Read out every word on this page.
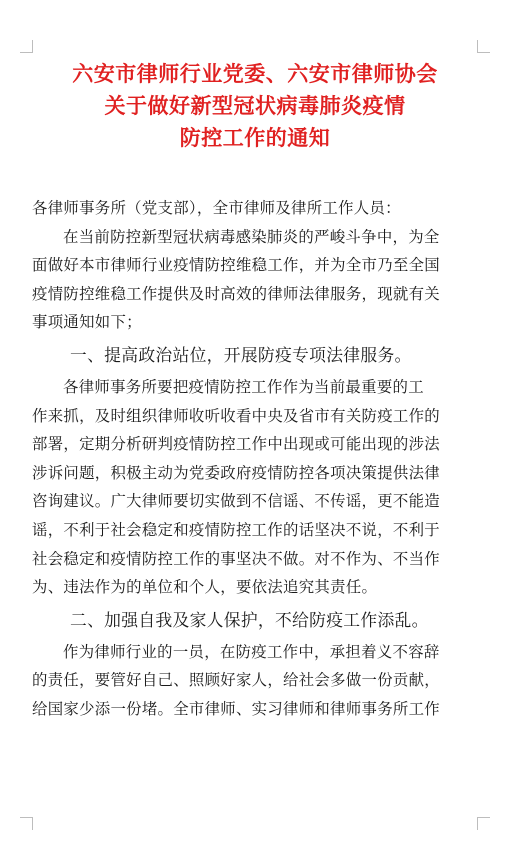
六安市律师行业党委、六安市律师协会
关于做好新型冠状病毒肺炎疫情
防控工作的通知
各律师事务所（党支部），全市律师及律所工作人员：
在当前防控新型冠状病毒感染肺炎的严峻斗争中，为全
面做好本市律师行业疫情防控维稳工作，并为全市乃至全国
疫情防控维稳工作提供及时高效的律师法律服务，现就有关
事项通知如下；
一、提高政治站位，开展防疫专项法律服务。
各律师事务所要把疫情防控工作作为当前最重要的工
作来抓，及时组织律师收听收看中央及省市有关防疫工作的
部署，定期分析研判疫情防控工作中出现或可能出现的涉法
涉诉问题，积极主动为党委政府疫情防控各项决策提供法律
咨询建议。广大律师要切实做到不信谣、不传谣，更不能造
谣，不利于社会稳定和疫情防控工作的话坚决不说，不利于
社会稳定和疫情防控工作的事坚决不做。对不作为、不当作
为、违法作为的单位和个人，要依法追究其责任。
二、加强自我及家人保护，不给防疫工作添乱。
作为律师行业的一员，在防疫工作中，承担着义不容辞
的责任，要管好自己、照顾好家人，给社会多做一份贡献，
给国家少添一份堵。全市律师、实习律师和律师事务所工作
